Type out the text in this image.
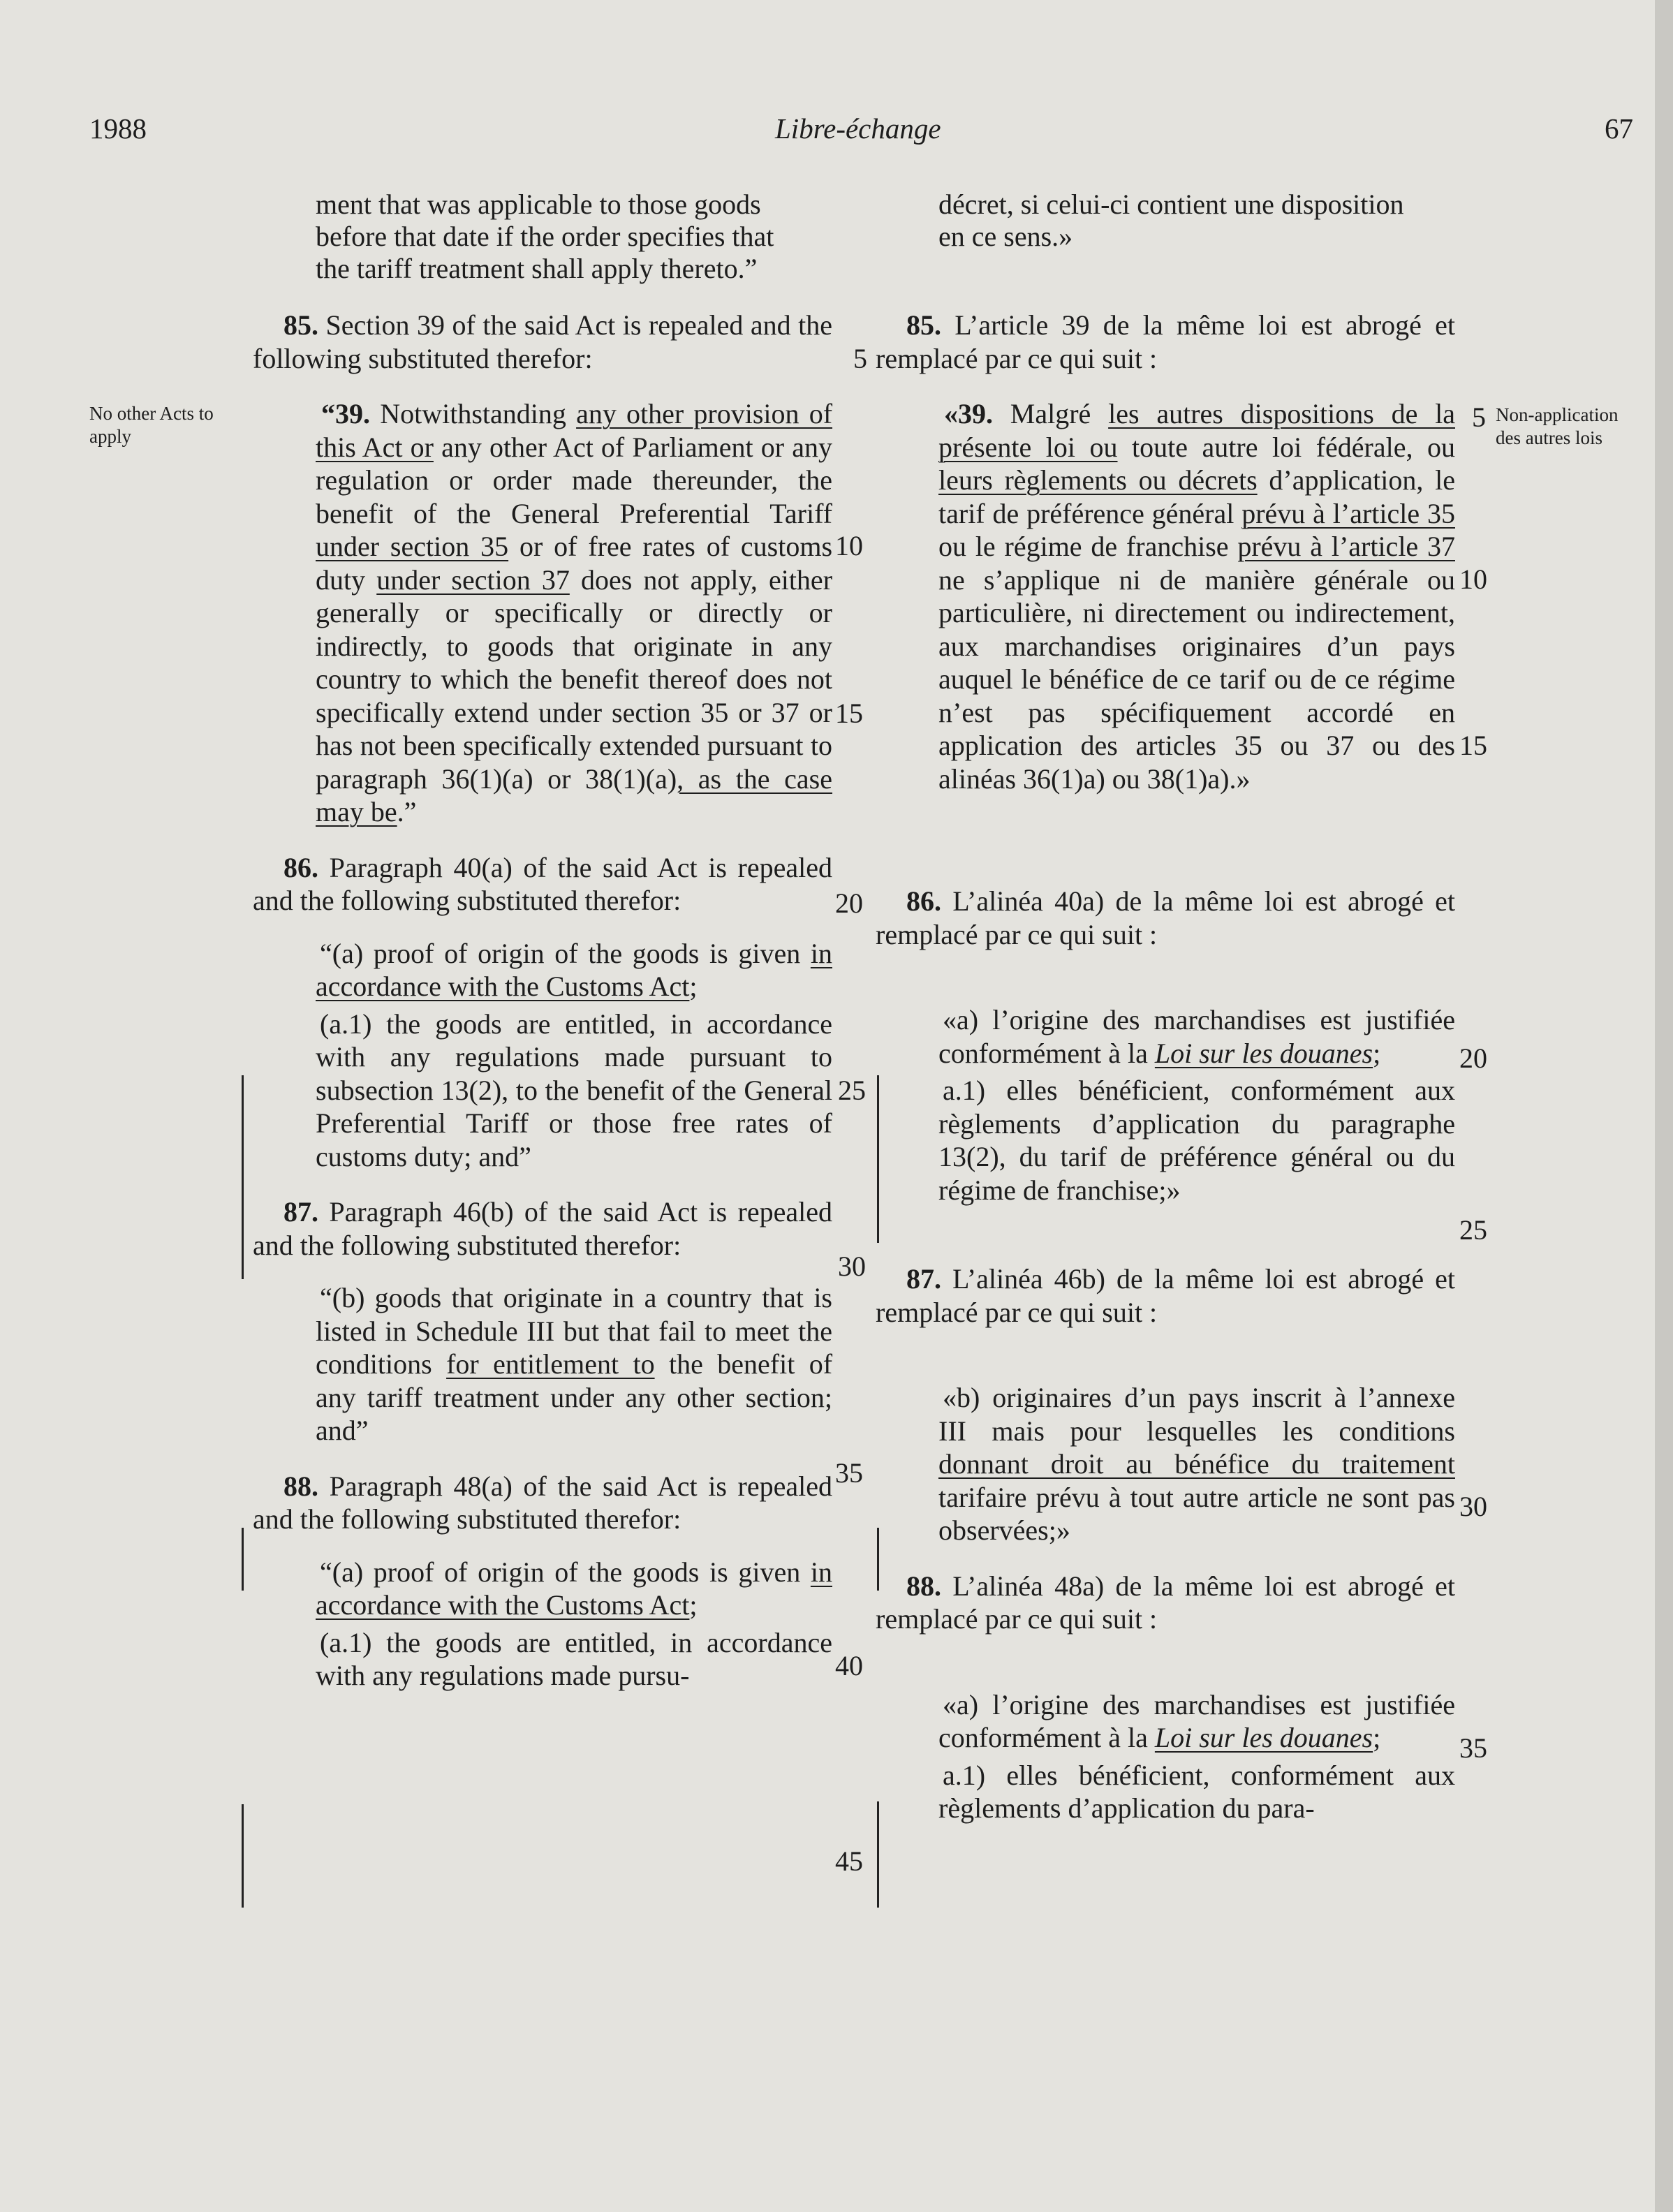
1988	Libre-échange	67
No other Acts to apply
Non-application des autres lois

ment that was applicable to those goods
before that date if the order specifies that
the tariff treatment shall apply thereto.”

85. Section 39 of the said Act is repealed and the following substituted therefor:

“39. Notwithstanding any other provision of this Act or any other Act of Parliament or any regulation or order made thereunder, the benefit of the General Preferential Tariff under section 35 or of free rates of customs duty under section 37 does not apply, either generally or specifically or directly or indirectly, to goods that originate in any country to which the benefit thereof does not specifically extend under section 35 or 37 or has not been specifically extended pursuant to paragraph 36(1)(a) or 38(1)(a), as the case may be.”

86. Paragraph 40(a) of the said Act is repealed and the following substituted therefor:

“(a) proof of origin of the goods is given in accordance with the Customs Act;

(a.1) the goods are entitled, in accordance with any regulations made pursuant to subsection 13(2), to the benefit of the General Preferential Tariff or those free rates of customs duty; and”

87. Paragraph 46(b) of the said Act is repealed and the following substituted therefor:

“(b) goods that originate in a country that is listed in Schedule III but that fail to meet the conditions for entitlement to the benefit of any tariff treatment under any other section; and”

88. Paragraph 48(a) of the said Act is repealed and the following substituted therefor:

“(a) proof of origin of the goods is given in accordance with the Customs Act;

(a.1) the goods are entitled, in accordance with any regulations made pursu-

décret, si celui-ci contient une disposition
en ce sens.»

85. L’article 39 de la même loi est abrogé et remplacé par ce qui suit :

«39. Malgré les autres dispositions de la présente loi ou toute autre loi fédérale, ou leurs règlements ou décrets d’application, le tarif de préférence général prévu à l’article 35 ou le régime de franchise prévu à l’article 37 ne s’applique ni de manière générale ou particulière, ni directement ou indirectement, aux marchandises originaires d’un pays auquel le bénéfice de ce tarif ou de ce régime n’est pas spécifiquement accordé en application des articles 35 ou 37 ou des alinéas 36(1)a) ou 38(1)a).»

86. L’alinéa 40a) de la même loi est abrogé et remplacé par ce qui suit :

«a) l’origine des marchandises est justifiée conformément à la Loi sur les douanes;

a.1) elles bénéficient, conformément aux règlements d’application du paragraphe 13(2), du tarif de préférence général ou du régime de franchise;»

87. L’alinéa 46b) de la même loi est abrogé et remplacé par ce qui suit :

«b) originaires d’un pays inscrit à l’annexe III mais pour lesquelles les conditions donnant droit au bénéfice du traitement tarifaire prévu à tout autre article ne sont pas observées;»

88. L’alinéa 48a) de la même loi est abrogé et remplacé par ce qui suit :

«a) l’origine des marchandises est justifiée conformément à la Loi sur les douanes;

a.1) elles bénéficient, conformément aux règlements d’application du para-

5
10
15
20
25
30
35
40
45
5
10
15
20
25
30
35
